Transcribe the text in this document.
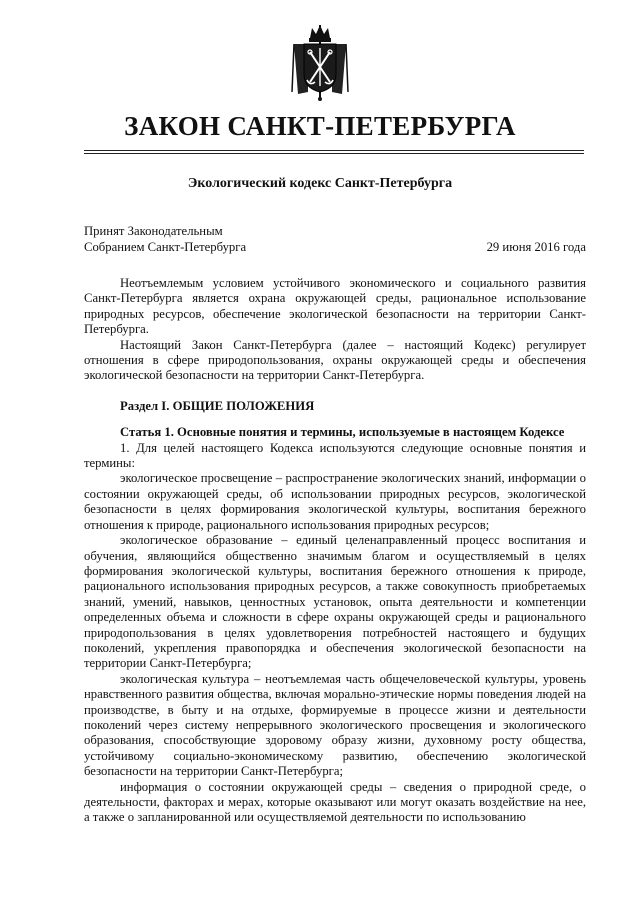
ЗАКОН САНКТ-ПЕТЕРБУРГА
Экологический кодекс Санкт-Петербурга
Принят Законодательным
Собранием Санкт-Петербурга	29 июня 2016 года

Неотъемлемым условием устойчивого экономического и социального развития Санкт-Петербурга является охрана окружающей среды, рациональное использование природных ресурсов, обеспечение экологической безопасности на территории Санкт-Петербурга.

Настоящий Закон Санкт-Петербурга (далее – настоящий Кодекс) регулирует отношения в сфере природопользования, охраны окружающей среды и обеспечения экологической безопасности на территории Санкт-Петербурга.

Раздел I. ОБЩИЕ ПОЛОЖЕНИЯ

Статья 1. Основные понятия и термины, используемые в настоящем Кодексе

1. Для целей настоящего Кодекса используются следующие основные понятия и термины:

экологическое просвещение – распространение экологических знаний, информации о состоянии окружающей среды, об использовании природных ресурсов, экологической безопасности в целях формирования экологической культуры, воспитания бережного отношения к природе, рационального использования природных ресурсов;

экологическое образование – единый целенаправленный процесс воспитания и обучения, являющийся общественно значимым благом и осуществляемый в целях формирования экологической культуры, воспитания бережного отношения к природе, рационального использования природных ресурсов, а также совокупность приобретаемых знаний, умений, навыков, ценностных установок, опыта деятельности и компетенции определенных объема и сложности в сфере охраны окружающей среды и рационального природопользования в целях удовлетворения потребностей настоящего и будущих поколений, укрепления правопорядка и обеспечения экологической безопасности на территории Санкт-Петербурга;

экологическая культура – неотъемлемая часть общечеловеческой культуры, уровень нравственного развития общества, включая морально-этические нормы поведения людей на производстве, в быту и на отдыхе, формируемые в процессе жизни и деятельности поколений через систему непрерывного экологического просвещения и экологического образования, способствующие здоровому образу жизни, духовному росту общества, устойчивому социально-экономическому развитию, обеспечению экологической безопасности на территории Санкт-Петербурга;

информация о состоянии окружающей среды – сведения о природной среде, о деятельности, факторах и мерах, которые оказывают или могут оказать воздействие на нее, а также о запланированной или осуществляемой деятельности по использованию
